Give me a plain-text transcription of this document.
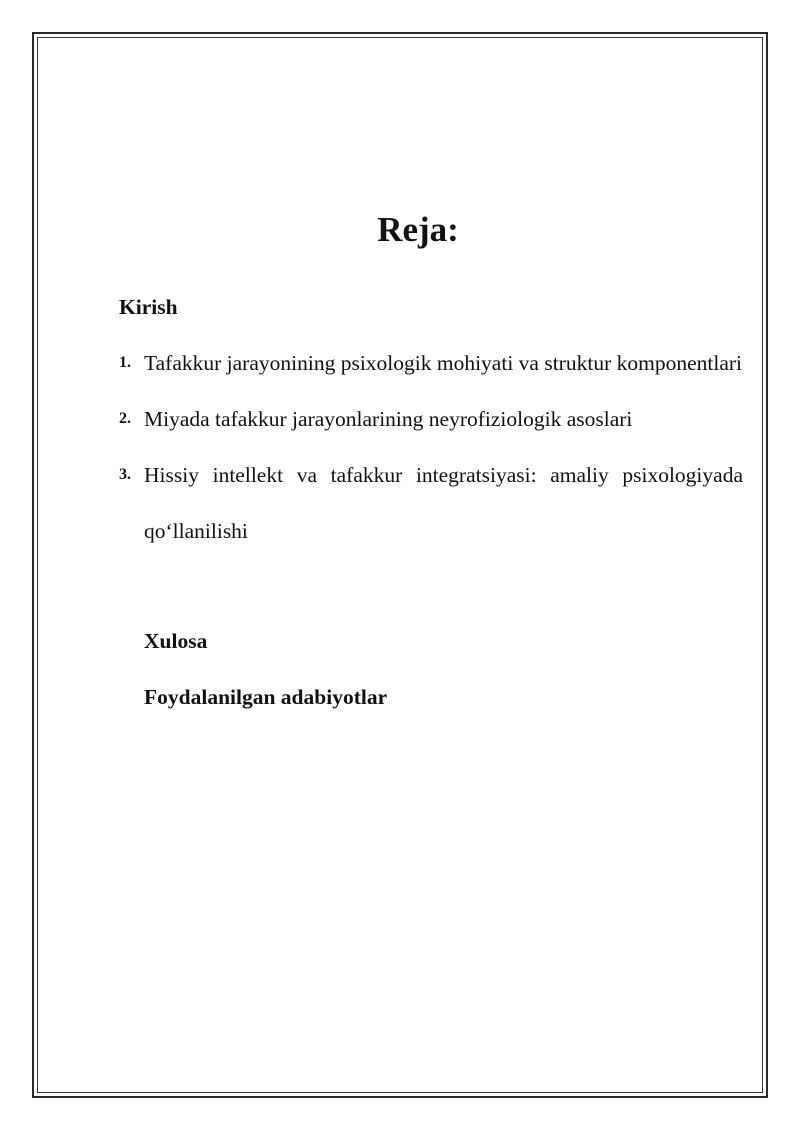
Reja:
Kirish
1. Tafakkur jarayonining psixologik mohiyati va struktur komponentlari
2. Miyada tafakkur jarayonlarining neyrofiziologik asoslari
3. Hissiy intellekt va tafakkur integratsiyasi: amaliy psixologiyada qo‘llanilishi
Xulosa
Foydalanilgan adabiyotlar
